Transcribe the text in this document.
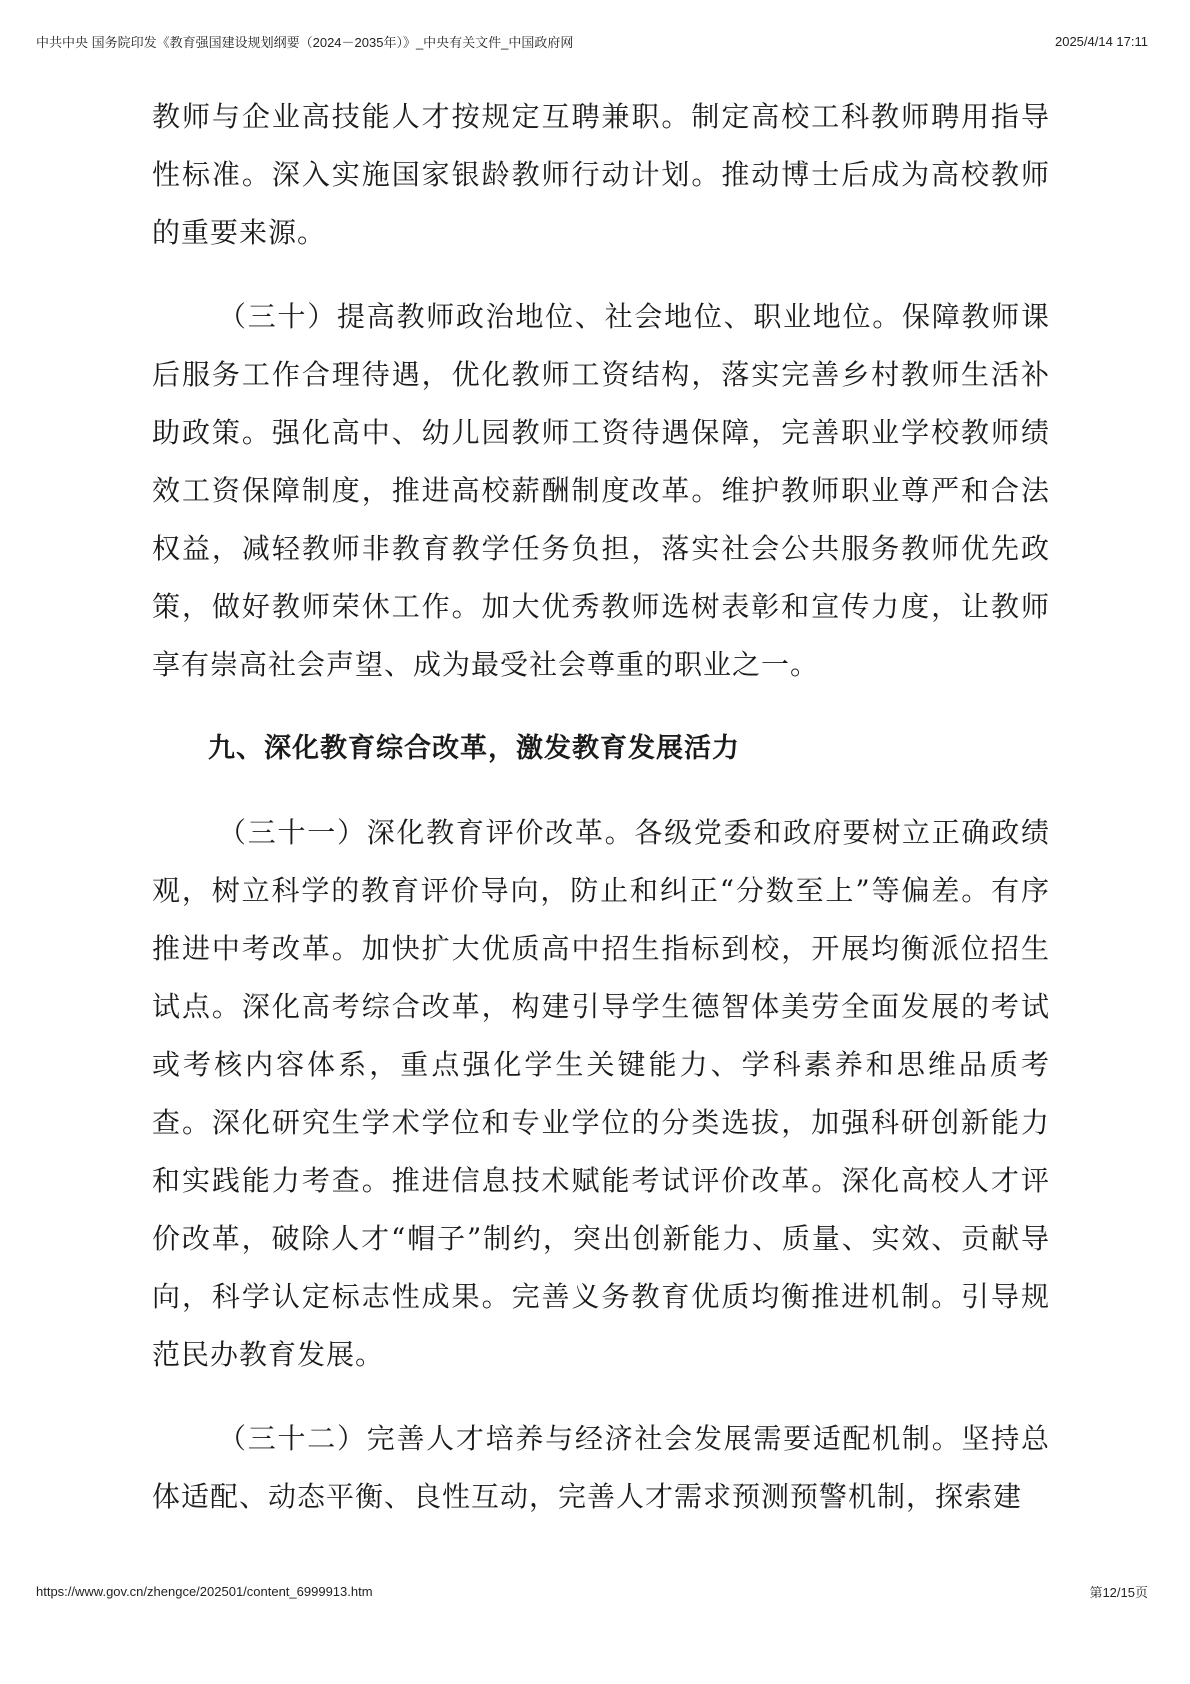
中共中央 国务院印发《教育强国建设规划纲要（2024－2035年）》_中央有关文件_中国政府网	2025/4/14 17:11

教师与企业高技能人才按规定互聘兼职。制定高校工科教师聘用指导性标准。深入实施国家银龄教师行动计划。推动博士后成为高校教师的重要来源。

（三十）提高教师政治地位、社会地位、职业地位。保障教师课后服务工作合理待遇，优化教师工资结构，落实完善乡村教师生活补助政策。强化高中、幼儿园教师工资待遇保障，完善职业学校教师绩效工资保障制度，推进高校薪酬制度改革。维护教师职业尊严和合法权益，减轻教师非教育教学任务负担，落实社会公共服务教师优先政策，做好教师荣休工作。加大优秀教师选树表彰和宣传力度，让教师享有崇高社会声望、成为最受社会尊重的职业之一。

九、深化教育综合改革，激发教育发展活力

（三十一）深化教育评价改革。各级党委和政府要树立正确政绩观，树立科学的教育评价导向，防止和纠正“分数至上”等偏差。有序推进中考改革。加快扩大优质高中招生指标到校，开展均衡派位招生试点。深化高考综合改革，构建引导学生德智体美劳全面发展的考试或考核内容体系，重点强化学生关键能力、学科素养和思维品质考查。深化研究生学术学位和专业学位的分类选拔，加强科研创新能力和实践能力考查。推进信息技术赋能考试评价改革。深化高校人才评价改革，破除人才“帽子”制约，突出创新能力、质量、实效、贡献导向，科学认定标志性成果。完善义务教育优质均衡推进机制。引导规范民办教育发展。

（三十二）完善人才培养与经济社会发展需要适配机制。坚持总体适配、动态平衡、良性互动，完善人才需求预测预警机制，探索建

https://www.gov.cn/zhengce/202501/content_6999913.htm	第12/15页
